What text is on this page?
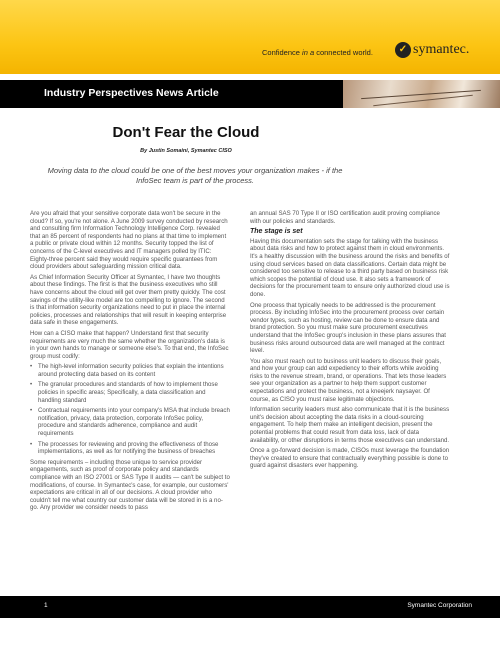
Confidence in a connected world.	✓ symantec.
Industry Perspectives News Article
Don't Fear the Cloud
By Justin Somaini, Symantec CISO
Moving data to the cloud could be one of the best moves your organization makes - if the InfoSec team is part of the process.

Are you afraid that your sensitive corporate data won't be secure in the cloud? If so, you're not alone. A June 2009 survey conducted by research and consulting firm Information Technology Intelligence Corp. revealed that an 85 percent of respondents had no plans at that time to implement a public or private cloud within 12 months. Security topped the list of concerns of the C-level executives and IT managers polled by ITIC: Eighty-three percent said they would require specific guarantees from cloud providers about safeguarding mission critical data.

As Chief Information Security Officer at Symantec, I have two thoughts about these findings. The first is that the business executives who still have concerns about the cloud will get over them pretty quickly. The cost savings of the utility-like model are too compelling to ignore. The second is that information security organizations need to put in place the internal policies, processes and relationships that will result in keeping enterprise data safe in these engagements.

How can a CISO make that happen? Understand first that security requirements are very much the same whether the organization's data is in your own hands to manage or someone else's. To that end, the InfoSec group must codify:

• The high-level information security policies that explain the intentions around protecting data based on its content
• The granular procedures and standards of how to implement those policies in specific areas; Specifically, a data classification and handling standard
• Contractual requirements into your company's MSA that include breach notification, privacy, data protection, corporate InfoSec policy, procedure and standards adherence, compliance and audit requirements
• The processes for reviewing and proving the effectiveness of those implementations, as well as for notifying the business of breaches

Some requirements – including those unique to service provider engagements, such as proof of corporate policy and standards compliance with an ISO 27001 or SAS Type II audits — can't be subject to modifications, of course. In Symantec's case, for example, our customers' expectations are critical in all of our decisions. A cloud provider who couldn't tell me what country our customer data will be stored in is a no-go. Any provider we consider needs to pass

an annual SAS 70 Type II or ISO certification audit proving compliance with our policies and standards.

The stage is set

Having this documentation sets the stage for talking with the business about data risks and how to protect against them in cloud environments. It's a healthy discussion with the business around the risks and benefits of using cloud services based on data classifications. Certain data might be considered too sensitive to release to a third party based on business risk which scopes the potential of cloud use. It also sets a framework of decisions for the procurement team to ensure only authorized cloud use is done.

One process that typically needs to be addressed is the procurement process. By including InfoSec into the procurement process over certain vendor types, such as hosting, review can be done to ensure data and brand protection. So you must make sure procurement executives understand that the InfoSec group's inclusion in these plans assures that business risks around outsourced data are well managed at the contract level.

You also must reach out to business unit leaders to discuss their goals, and how your group can add expediency to their efforts while avoiding risks to the revenue stream, brand, or operations. That lets those leaders see your organization as a partner to help them support customer expectations and protect the business, not a kneejerk naysayer. Of course, as CISO you must raise legitimate objections.

Information security leaders must also communicate that it is the business unit's decision about accepting the data risks in a cloud-sourcing engagement. To help them make an intelligent decision, present the potential problems that could result from data loss, lack of data availability, or other disruptions in terms those executives can understand.

Once a go-forward decision is made, CISOs must leverage the foundation they've created to ensure that contractually everything possible is done to guard against disasters ever happening.

1	Symantec Corporation
